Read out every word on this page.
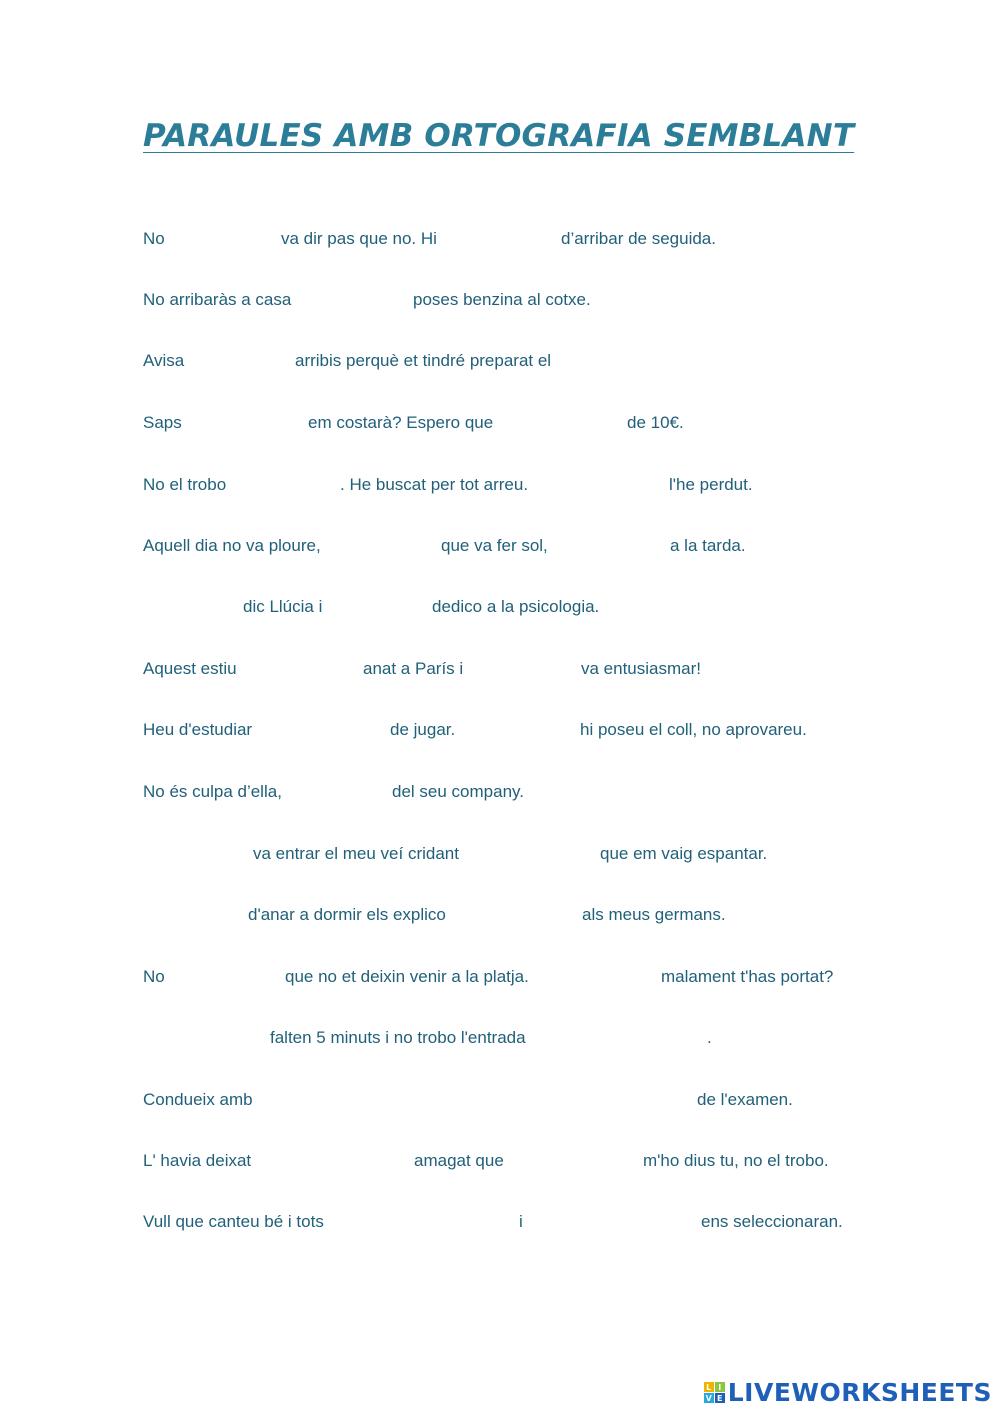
PARAULES AMB ORTOGRAFIA SEMBLANT
No	va dir pas que no. Hi	d’arribar de seguida.
No arribaràs a casa	poses benzina al cotxe.
Avisa	arribis perquè et tindré preparat el
Saps	em costarà? Espero que	de 10€.
No el trobo	. He buscat per tot arreu.	l'he perdut.
Aquell dia no va ploure,	que va fer sol,	a la tarda.
dic Llúcia i	dedico a la psicologia.
Aquest estiu	anat a París i	va entusiasmar!
Heu d'estudiar	de jugar.	hi poseu el coll, no aprovareu.
No és culpa d’ella,	del seu company.
va entrar el meu veí cridant	que em vaig espantar.
d'anar a dormir els explico	als meus germans.
No	que no et deixin venir a la platja.	malament t'has portat?
falten 5 minuts i no trobo l'entrada	.
Condueix amb	de l'examen.
L' havia deixat	amagat que	m'ho dius tu, no el trobo.
Vull que canteu bé i tots	i	ens seleccionaran.
L I
V E LIVEWORKSHEETS
